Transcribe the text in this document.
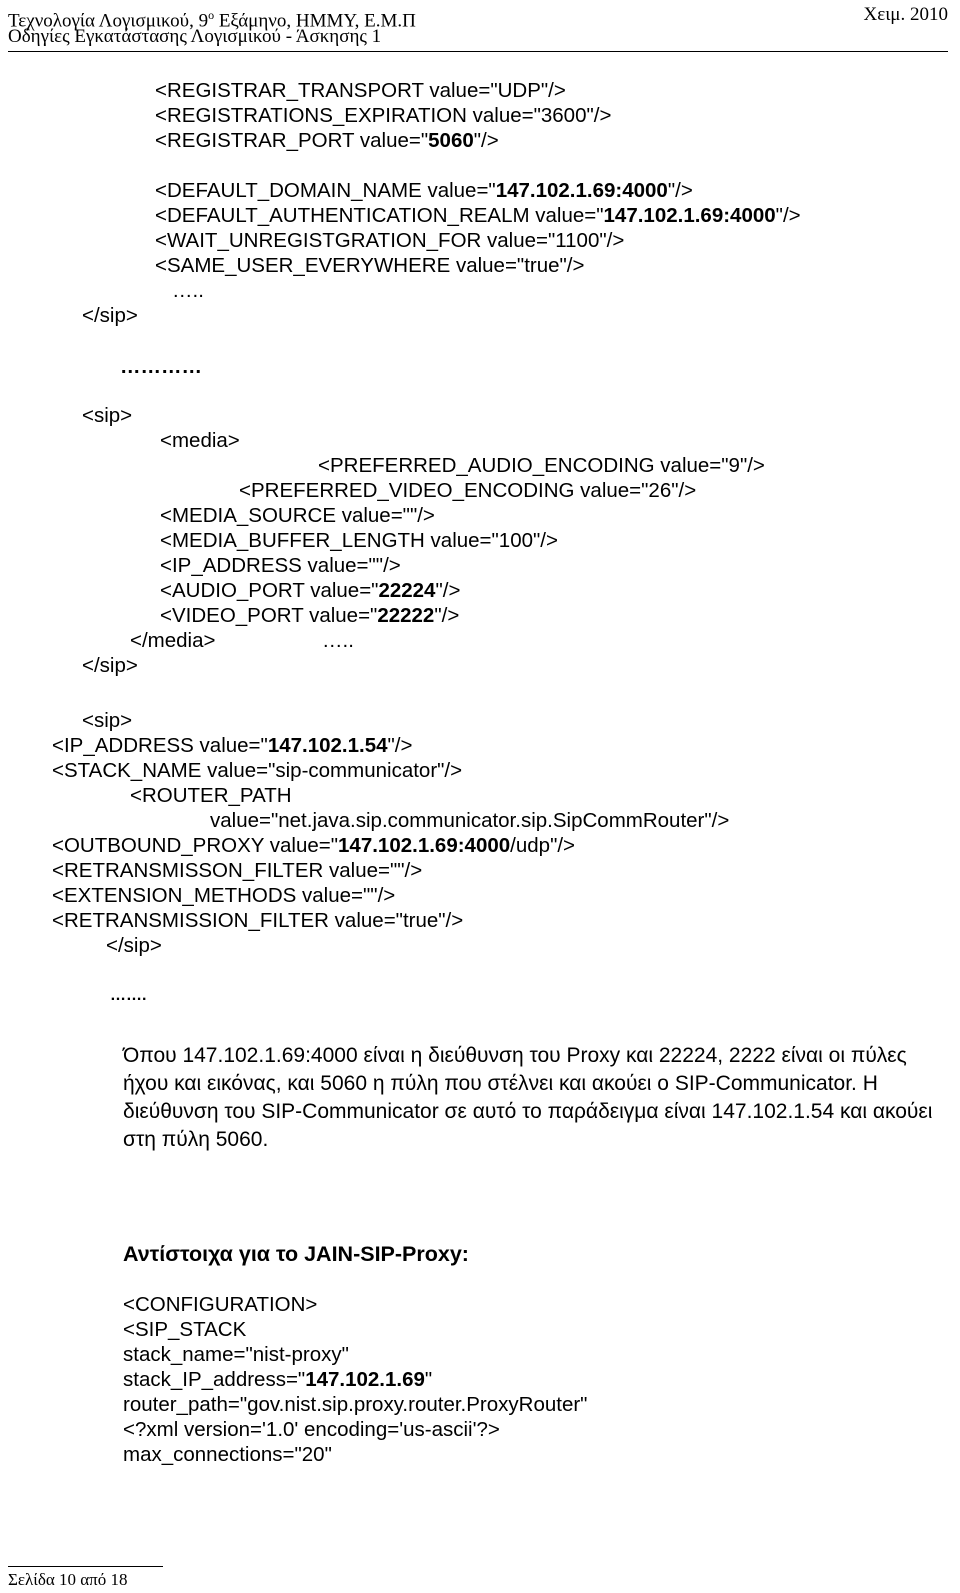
Τεχνολογία Λογισμικού, $9^o$ Εξάμηνο, ΗΜΜΥ, Ε.Μ.Π	Χειμ. 2010
Οδηγίες Εγκατάστασης Λογισμικού - Άσκησης 1
<REGISTRAR_TRANSPORT value="UDP"/>
<REGISTRATIONS_EXPIRATION value="3600"/>
<REGISTRAR_PORT value="5060"/>
<DEFAULT_DOMAIN_NAME value="147.102.1.69:4000"/>
<DEFAULT_AUTHENTICATION_REALM value="147.102.1.69:4000"/>
<WAIT_UNREGISTGRATION_FOR value="1100"/>
<SAME_USER_EVERYWHERE value="true"/>
…..
</sip>
…………
<sip>
<media>
<PREFERRED_AUDIO_ENCODING value="9"/>
<PREFERRED_VIDEO_ENCODING value="26"/>
<MEDIA_SOURCE value=""/>
<MEDIA_BUFFER_LENGTH value="100"/>
<IP_ADDRESS value=""/>
<AUDIO_PORT value="22224"/>
<VIDEO_PORT value="22222"/>
</media>	…..
</sip>
<sip>
<IP_ADDRESS value="147.102.1.54"/>
<STACK_NAME value="sip-communicator"/>
<ROUTER_PATH
value="net.java.sip.communicator.sip.SipCommRouter"/>
<OUTBOUND_PROXY value="147.102.1.69:4000/udp"/>
<RETRANSMISSON_FILTER value=""/>
<EXTENSION_METHODS value=""/>
<RETRANSMISSION_FILTER value="true"/>
</sip>
…….
Όπου 147.102.1.69:4000 είναι η διεύθυνση του Proxy και 22224, 2222 είναι οι πύλες ήχου και εικόνας, και 5060 η πύλη που στέλνει και ακούει ο SIP-Communicator. Η διεύθυνση του SIP-Communicator σε αυτό το παράδειγμα είναι 147.102.1.54 και ακούει στη πύλη 5060.
Αντίστοιχα για το JAIN-SIP-Proxy:
<CONFIGURATION>
<SIP_STACK
stack_name="nist-proxy"
stack_IP_address="147.102.1.69"
router_path="gov.nist.sip.proxy.router.ProxyRouter"
<?xml version='1.0' encoding='us-ascii'?>
max_connections="20"
Σελίδα 10 από 18
